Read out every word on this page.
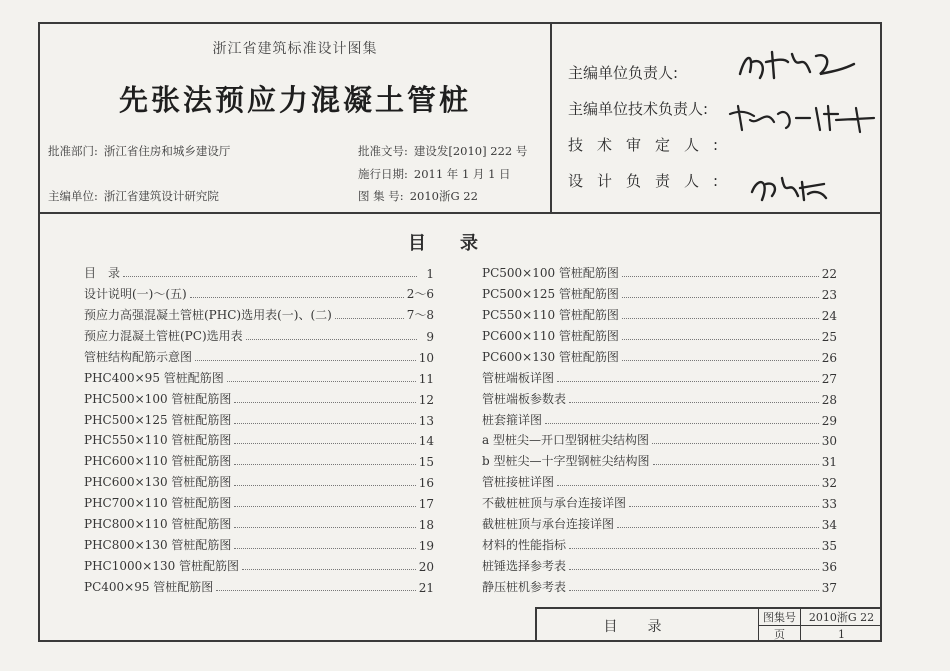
浙江省建筑标准设计图集
先张法预应力混凝土管桩
批准部门: 浙江省住房和城乡建设厅	批准文号: 建设发[2010] 222 号
施行日期: 2011 年 1 月 1 日
主编单位: 浙江省建筑设计研究院	图 集 号: 2010浙G 22
主编单位负责人:
主编单位技术负责人:
技术审定人:
设计负责人:
目录
目　录	1
设计说明(一)～(五)	2～6
预应力高强混凝土管桩(PHC)选用表(一)、(二)	7～8
预应力混凝土管桩(PC)选用表	9
管桩结构配筋示意图	10
PHC400×95 管桩配筋图	11
PHC500×100 管桩配筋图	12
PHC500×125 管桩配筋图	13
PHC550×110 管桩配筋图	14
PHC600×110 管桩配筋图	15
PHC600×130 管桩配筋图	16
PHC700×110 管桩配筋图	17
PHC800×110 管桩配筋图	18
PHC800×130 管桩配筋图	19
PHC1000×130 管桩配筋图	20
PC400×95 管桩配筋图	21
PC500×100 管桩配筋图	22
PC500×125 管桩配筋图	23
PC550×110 管桩配筋图	24
PC600×110 管桩配筋图	25
PC600×130 管桩配筋图	26
管桩端板详图	27
管桩端板参数表	28
桩套箍详图	29
a 型桩尖—开口型钢桩尖结构图	30
b 型桩尖—十字型钢桩尖结构图	31
管桩接桩详图	32
不截桩桩顶与承台连接详图	33
截桩桩顶与承台连接详图	34
材料的性能指标	35
桩锤选择参考表	36
静压桩机参考表	37
目录
图集号	2010浙G 22
页	1
